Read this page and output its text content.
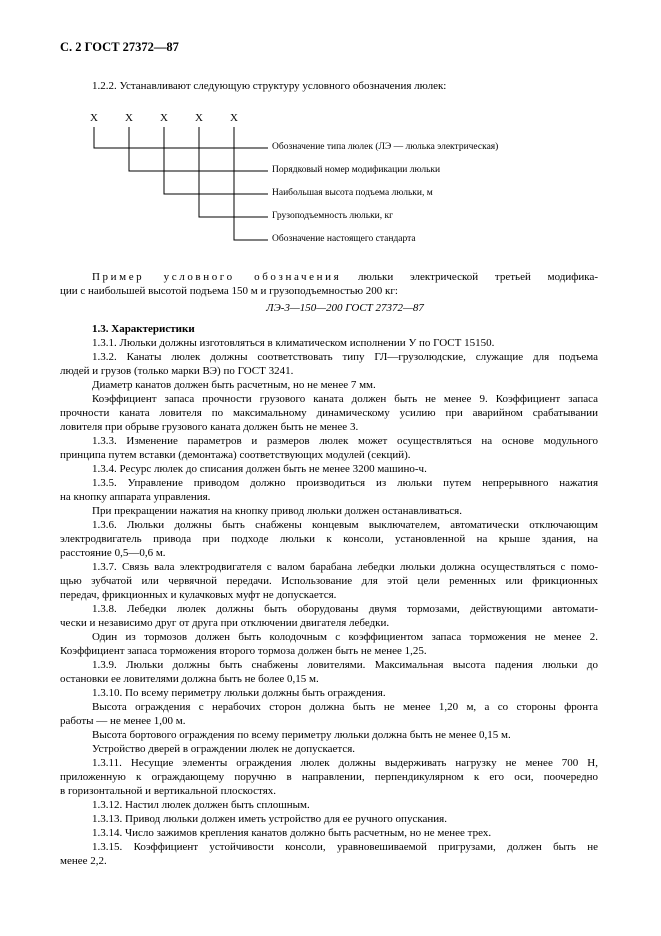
С. 2 ГОСТ 27372—87
1.2.2. Устанавливают следующую структуру условного обозначения люлек:
Х Х Х Х Х
Обозначение типа люлек (ЛЭ — люлька электрическая)
Порядковый номер модификации люльки
Наибольшая высота подъема люльки, м
Грузоподъемность люльки, кг
Обозначение настоящего стандарта
Пример условного обозначения люльки электрической третьей модифика-
ции с наибольшей высотой подъема 150 м и грузоподъемностью 200 кг:
ЛЭ-3—150—200 ГОСТ 27372—87
1.3. Характеристики
1.3.1. Люльки должны изготовляться в климатическом исполнении У по ГОСТ 15150.
1.3.2. Канаты люлек должны соответствовать типу ГЛ—грузолюдские, служащие для подъема
людей и грузов (только марки ВЭ) по ГОСТ 3241.
Диаметр канатов должен быть расчетным, но не менее 7 мм.
Коэффициент запаса прочности грузового каната должен быть не менее 9. Коэффициент запаса
прочности каната ловителя по максимальному динамическому усилию при аварийном срабатывании
ловителя при обрыве грузового каната должен быть не менее 3.
1.3.3. Изменение параметров и размеров люлек может осуществляться на основе модульного
принципа путем вставки (демонтажа) соответствующих модулей (секций).
1.3.4. Ресурс люлек до списания должен быть не менее 3200 машино-ч.
1.3.5. Управление приводом должно производиться из люльки путем непрерывного нажатия
на кнопку аппарата управления.
При прекращении нажатия на кнопку привод люльки должен останавливаться.
1.3.6. Люльки должны быть снабжены концевым выключателем, автоматически отключающим
электродвигатель привода при подходе люльки к консоли, установленной на крыше здания, на
расстояние 0,5—0,6 м.
1.3.7. Связь вала электродвигателя с валом барабана лебедки люльки должна осуществляться с помо-
щью зубчатой или червячной передачи. Использование для этой цели ременных или фрикционных
передач, фрикционных и кулачковых муфт не допускается.
1.3.8. Лебедки люлек должны быть оборудованы двумя тормозами, действующими автомати-
чески и независимо друг от друга при отключении двигателя лебедки.
Один из тормозов должен быть колодочным с коэффициентом запаса торможения не менее 2.
Коэффициент запаса торможения второго тормоза должен быть не менее 1,25.
1.3.9. Люльки должны быть снабжены ловителями. Максимальная высота падения люльки до
остановки ее ловителями должна быть не более 0,15 м.
1.3.10. По всему периметру люльки должны быть ограждения.
Высота ограждения с нерабочих сторон должна быть не менее 1,20 м, а со стороны фронта
работы — не менее 1,00 м.
Высота бортового ограждения по всему периметру люльки должна быть не менее 0,15 м.
Устройство дверей в ограждении люлек не допускается.
1.3.11. Несущие элементы ограждения люлек должны выдерживать нагрузку не менее 700 Н,
приложенную к ограждающему поручню в направлении, перпендикулярном к его оси, поочередно
в горизонтальной и вертикальной плоскостях.
1.3.12. Настил люлек должен быть сплошным.
1.3.13. Привод люльки должен иметь устройство для ее ручного опускания.
1.3.14. Число зажимов крепления канатов должно быть расчетным, но не менее трех.
1.3.15. Коэффициент устойчивости консоли, уравновешиваемой пригрузами, должен быть не
менее 2,2.
